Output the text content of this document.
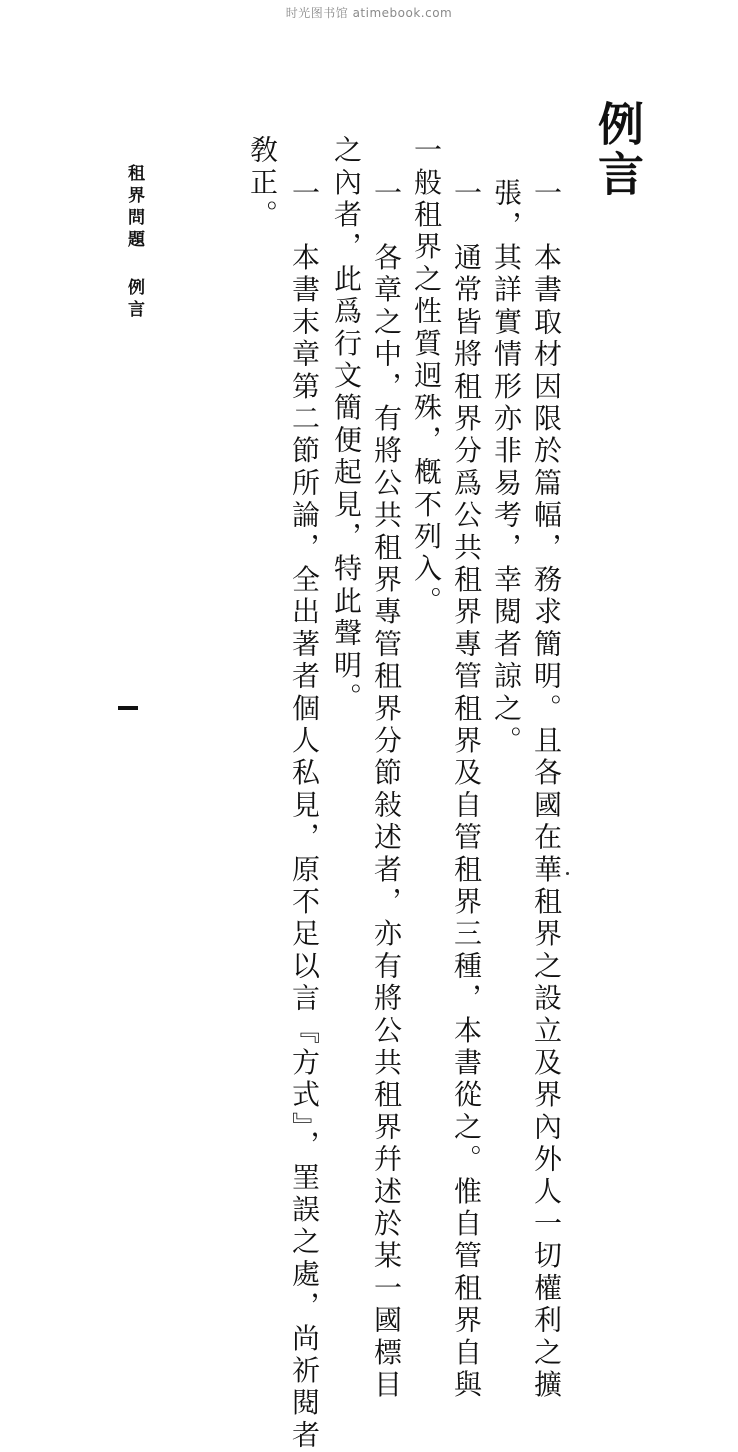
时光图书馆 atimebook.com
例言
一　本書取材因限於篇幅，務求簡明。且各國在華租界之設立及界內外人一切權利之擴
張，其詳實情形亦非易考，幸閱者諒之。
一　通常皆將租界分爲公共租界專管租界及自管租界三種，本書從之。惟自管租界自與
一般租界之性質迥殊，槪不列入。
一　各章之中，有將公共租界專管租界分節敍述者，亦有將公共租界幷述於某一國標目
之內者，此爲行文簡便起見，特此聲明。
一　本書末章第二節所論，全出著者個人私見，原不足以言『方式』，罣誤之處，尚祈閱者
敎正。
租界問題例言
